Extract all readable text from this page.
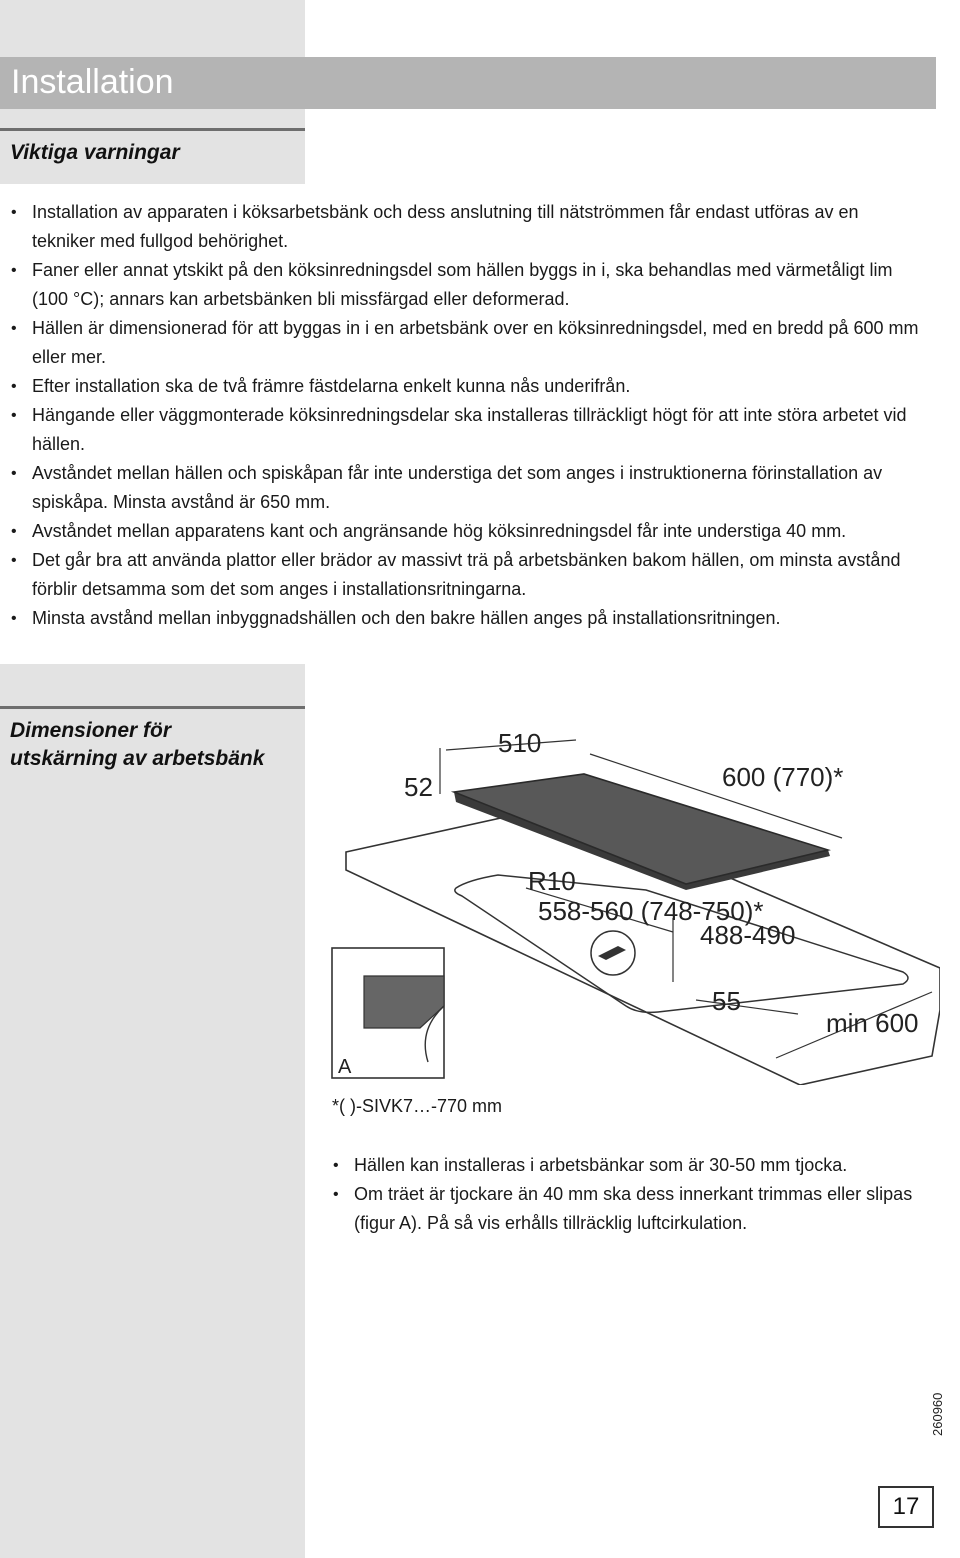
Installation
Viktiga varningar
• Installation av apparaten i köksarbetsbänk och dess anslutning till nätströmmen får endast utföras av en tekniker med fullgod behörighet.
• Faner eller annat ytskikt på den köksinredningsdel som hällen byggs in i, ska behandlas med värmetåligt lim (100 °C); annars kan arbetsbänken bli missfärgad eller deformerad.
• Hällen är dimensionerad för att byggas in i en arbetsbänk over en köksinredningsdel, med en bredd på 600 mm eller mer.
• Efter installation ska de två främre fästdelarna enkelt kunna nås underifrån.
• Hängande eller väggmonterade köksinredningsdelar ska installeras tillräckligt högt för att inte störa arbetet vid hällen.
• Avståndet mellan hällen och spiskåpan får inte understiga det som anges i instruktionerna förinstallation av spiskåpa. Minsta avstånd är 650 mm.
• Avståndet mellan apparatens kant och angränsande hög köksinredningsdel får inte understiga 40 mm.
• Det går bra att använda plattor eller brädor av massivt trä på arbetsbänken bakom hällen, om minsta avstånd förblir detsamma som det som anges i installationsritningarna.
• Minsta avstånd mellan inbyggnadshällen och den bakre hällen anges på installationsritningen.
Dimensioner för
utskärning av arbetsbänk
52
510
600 (770)*
R10
558-560 (748-750)*
488-490
55
min 600
A

*( )-SIVK7…-770 mm

• Hällen kan installeras i arbetsbänkar som är 30-50 mm tjocka.
• Om träet är tjockare än 40 mm ska dess innerkant trimmas eller slipas (figur A). På så vis erhålls tillräcklig luftcirkulation.
260960
17
